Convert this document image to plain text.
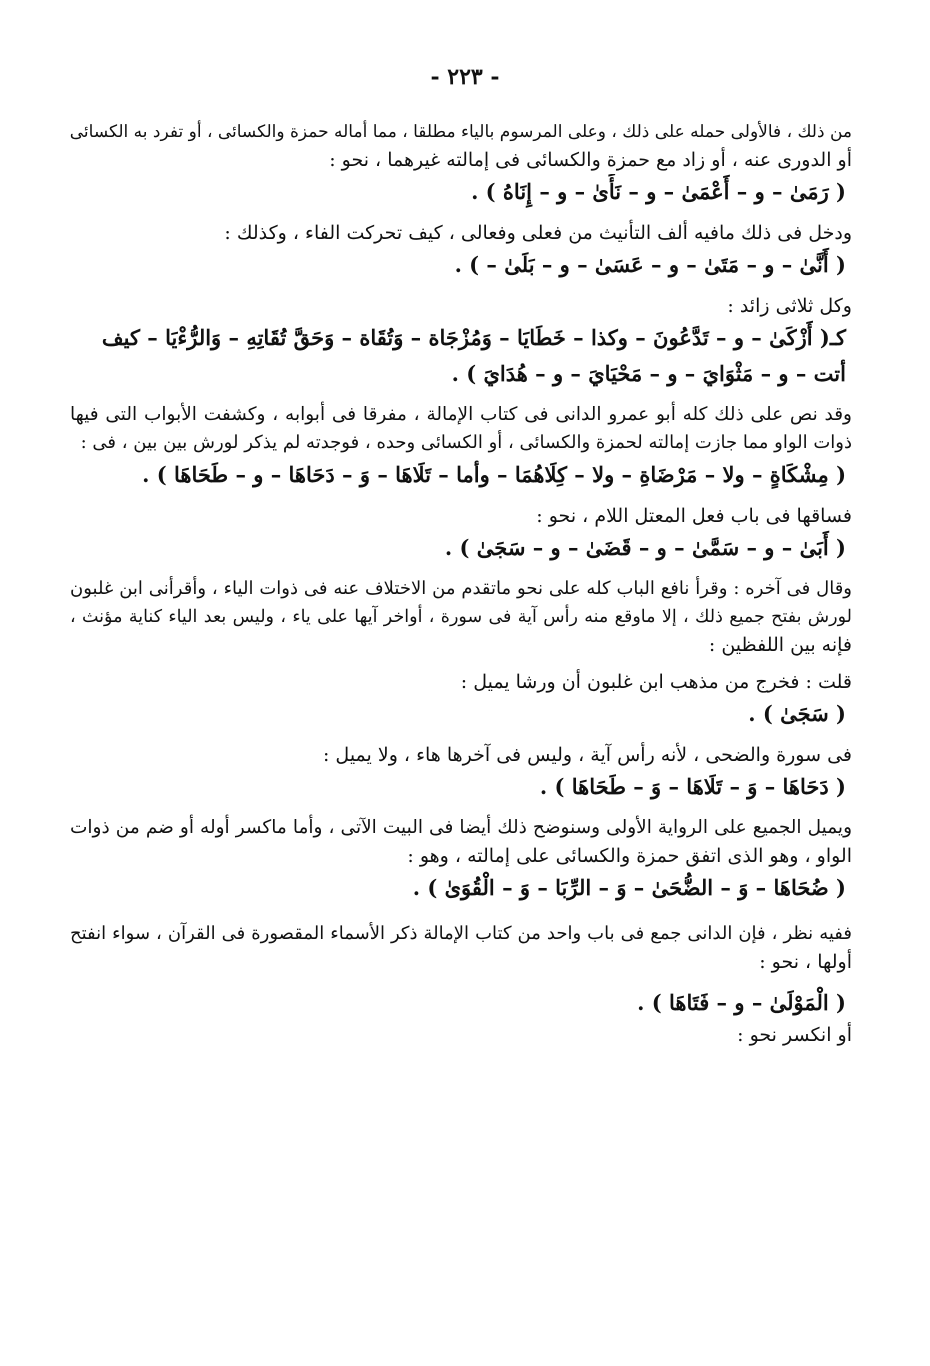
- ٢٢٣ -
من ذلك ، فالأولى حمله على ذلك ، وعلى المرسوم بالياء مطلقا ، مما أماله حمزة والكسائى ، أو تفرد به الكسائى
أو الدورى عنه ، أو زاد مع حمزة والكسائى فى إمالته غيرهما ، نحو :
( رَمَىٰ – و – أَعْمَىٰ – و – نَأَىٰ – و – إِنَاهُ ) .
ودخل فى ذلك مافيه ألف التأنيث من فعلى وفعالى ، كيف تحركت الفاء ، وكذلك :
( أَنَّىٰ – و – مَتَىٰ – و – عَسَىٰ – و – بَلَىٰ – ) .
وكل ثلاثى زائد :
كـ( أَزْكَىٰ – و – تَدَّعُونَ – وكذا – خَطَايَا – وَمُزْجَاة – وَتُقَاة – وَحَقَّ تُقَاتِهِ – وَالرُّءْيَا – كيف
أتت – و – مَثْوَايَ – و – مَحْيَايَ – و – هُدَايَ ) .
وقد نص على ذلك كله أبو عمرو الدانى فى كتاب الإمالة ، مفرقا فى أبوابه ، وكشفت الأبواب التى فيها
ذوات الواو مما جازت إمالته لحمزة والكسائى ، أو الكسائى وحده ، فوجدته لم يذكر لورش بين بين ، فى :
( مِشْكَاةٍ – ولا – مَرْضَاةِ – ولا – كِلَاهُمَا – وأما – تَلَاهَا – وَ – دَحَاهَا – و – طَحَاهَا ) .
فساقها فى باب فعل المعتل اللام ، نحو :
( أَبَىٰ – و – سَمَّىٰ – و – قَضَىٰ – و – سَجَىٰ ) .
وقال فى آخره : وقرأ نافع الباب كله على نحو ماتقدم من الاختلاف عنه فى ذوات الياء ، وأقرأنى ابن غلبون
لورش بفتح جميع ذلك ، إلا ماوقع منه رأس آية فى سورة ، أواخر آيها على ياء ، وليس بعد الياء كناية مؤنث ،
فإنه بين اللفظين :
قلت : فخرج من مذهب ابن غلبون أن ورشا يميل :
( سَجَىٰ ) .
فى سورة والضحى ، لأنه رأس آية ، وليس فى آخرها هاء ، ولا يميل :
( دَحَاهَا – وَ – تَلَاهَا – وَ – طَحَاهَا ) .
ويميل الجميع على الرواية الأولى وسنوضح ذلك أيضا فى البيت الآتى ، وأما ماكسر أوله أو ضم من ذوات
الواو ، وهو الذى اتفق حمزة والكسائى على إمالته ، وهو :
( ضُحَاهَا – وَ – الضُّحَىٰ – وَ – الرِّبَا – وَ – الْقُوَىٰ ) .
ففيه نظر ، فإن الدانى جمع فى باب واحد من كتاب الإمالة ذكر الأسماء المقصورة فى القرآن ، سواء انفتح
أولها ، نحو :
( الْمَوْلَىٰ – و – فَتَاهَا ) .
أو انكسر نحو :
